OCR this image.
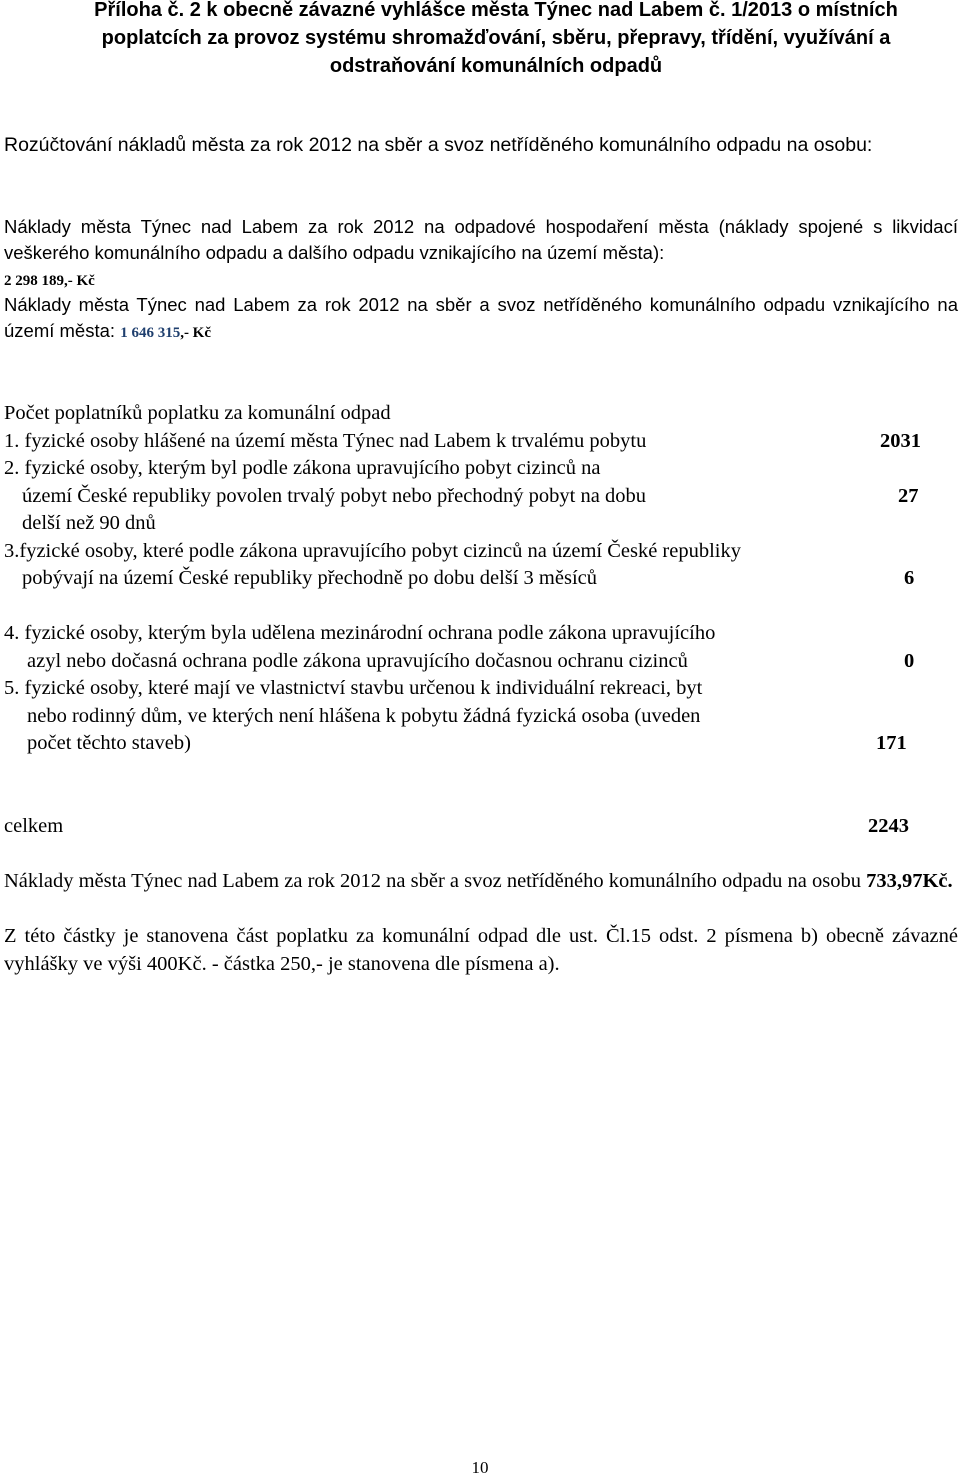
Příloha č. 2 k obecně závazné vyhlášce města Týnec nad Labem č. 1/2013 o místních poplatcích za provoz systému shromažďování, sběru, přepravy, třídění, využívání a odstraňování komunálních odpadů
Rozúčtování nákladů města za rok 2012 na sběr a svoz netříděného komunálního odpadu na osobu:
Náklady města Týnec nad Labem za rok 2012 na odpadové hospodaření města (náklady spojené s likvidací veškerého komunálního odpadu a dalšího odpadu vznikajícího na území města):
2 298 189,- Kč
Náklady města Týnec nad Labem za rok 2012 na sběr a svoz netříděného komunálního odpadu vznikajícího na území města: 1 646 315,- Kč
Počet poplatníků poplatku za komunální odpad
1. fyzické osoby hlášené na území města Týnec nad Labem k trvalému pobytu	2031
2. fyzické osoby, kterým byl podle zákona upravujícího pobyt cizinců na
území České republiky povolen trvalý pobyt nebo přechodný pobyt na dobu	27
delší než 90 dnů
3.fyzické osoby, které podle zákona upravujícího pobyt cizinců na území České republiky
pobývají na území České republiky přechodně po dobu delší 3 měsíců	6
4. fyzické osoby, kterým byla udělena mezinárodní ochrana podle zákona upravujícího
azyl nebo dočasná ochrana podle zákona upravujícího dočasnou ochranu cizinců	0
5. fyzické osoby, které mají ve vlastnictví stavbu určenou k individuální rekreaci, byt
nebo rodinný dům, ve kterých není hlášena k pobytu žádná fyzická osoba (uveden
počet těchto staveb)	171
celkem	2243
Náklady města Týnec nad Labem za rok 2012 na sběr a svoz netříděného komunálního odpadu na osobu 733,97Kč.
Z této částky je stanovena část poplatku za komunální odpad dle ust. Čl.15 odst. 2 písmena b) obecně závazné vyhlášky ve výši 400Kč. - částka 250,- je stanovena dle písmena a).
10
